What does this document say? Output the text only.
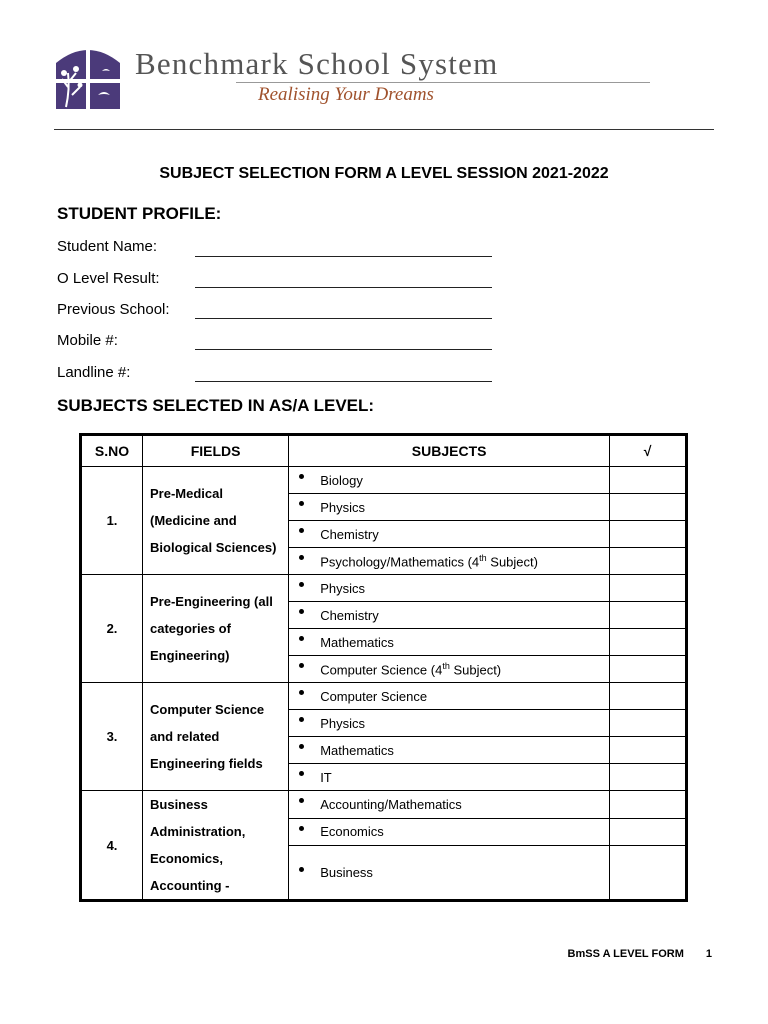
Benchmark School System
Realising Your Dreams
SUBJECT SELECTION FORM A LEVEL SESSION 2021-2022
STUDENT PROFILE:
Student Name:
O Level Result:
Previous School:
Mobile #:
Landline #:
SUBJECTS SELECTED IN AS/A LEVEL:
S.NO	FIELDS	SUBJECTS	√
1.	Pre-Medical
(Medicine and
Biological Sciences)	Biology	
		Physics	
		Chemistry	
		Psychology/Mathematics (4th Subject)	
2.	Pre-Engineering (all
categories of
Engineering)	Physics	
		Chemistry	
		Mathematics	
		Computer Science (4th Subject)	
3.	Computer Science
and related
Engineering fields	Computer Science	
		Physics	
		Mathematics	
		IT	
4.	Business
Administration,
Economics,
Accounting -	Accounting/Mathematics	
		Economics	
		Business	
BmSS A LEVEL FORM 1
